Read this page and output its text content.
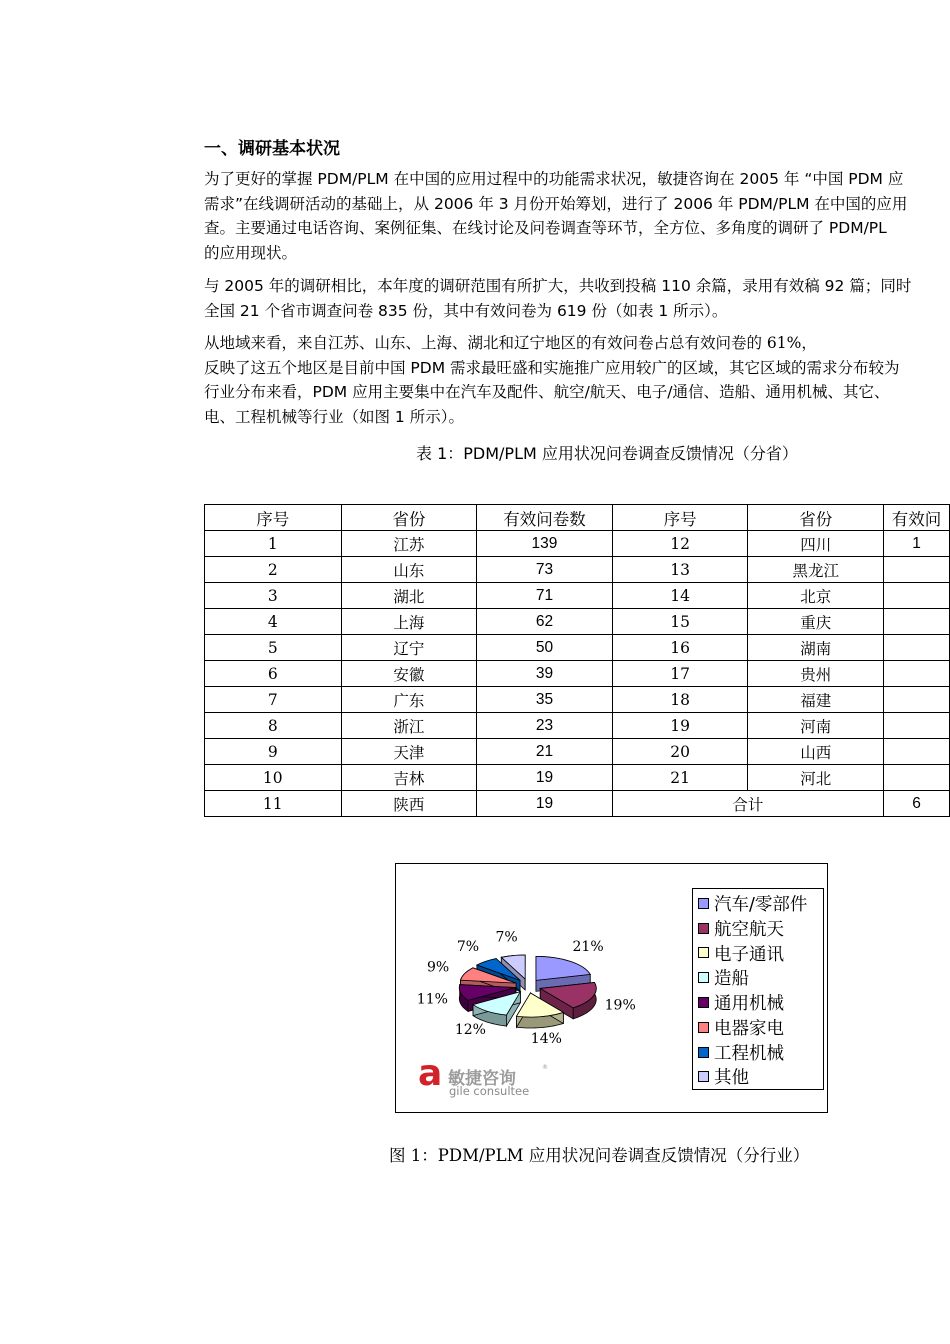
一、调研基本状况
为了更好的掌握 PDM/PLM 在中国的应用过程中的功能需求状况，敏捷咨询在 2005 年 “中国 PDM 应
需求”在线调研活动的基础上，从 2006 年 3 月份开始筹划，进行了 2006 年 PDM/PLM 在中国的应用
查。主要通过电话咨询、案例征集、在线讨论及问卷调查等环节，全方位、多角度的调研了 PDM/PL
的应用现状。
与 2005 年的调研相比，本年度的调研范围有所扩大，共收到投稿 110 余篇，录用有效稿 92 篇；同时
全国 21 个省市调查问卷 835 份，其中有效问卷为 619 份（如表 1 所示）。
从地域来看，来自江苏、山东、上海、湖北和辽宁地区的有效问卷占总有效问卷的 61%，
反映了这五个地区是目前中国 PDM 需求最旺盛和实施推广应用较广的区域，其它区域的需求分布较为
行业分布来看，PDM 应用主要集中在汽车及配件、航空/航天、电子/通信、造船、通用机械、其它、
电、工程机械等行业（如图 1 所示）。
表 1：PDM/PLM 应用状况问卷调查反馈情况（分省）
序号	省份	有效问卷数	序号	省份	有效问
1	江苏	139	12	四川	1
2	山东	73	13	黑龙江	
3	湖北	71	14	北京	
4	上海	62	15	重庆	
5	辽宁	50	16	湖南	
6	安徽	39	17	贵州	
7	广东	35	18	福建	
8	浙江	23	19	河南	
9	天津	21	20	山西	
10	吉林	19	21	河北	
11	陕西	19	合计		6
21%
19%
14%
12%
11%
9%
7%
7%
汽车/零部件
航空航天
电子通讯
造船
通用机械
电器家电
工程机械
其他
a 敏捷咨询
®
gile consultee
图 1：PDM/PLM 应用状况问卷调查反馈情况（分行业）
